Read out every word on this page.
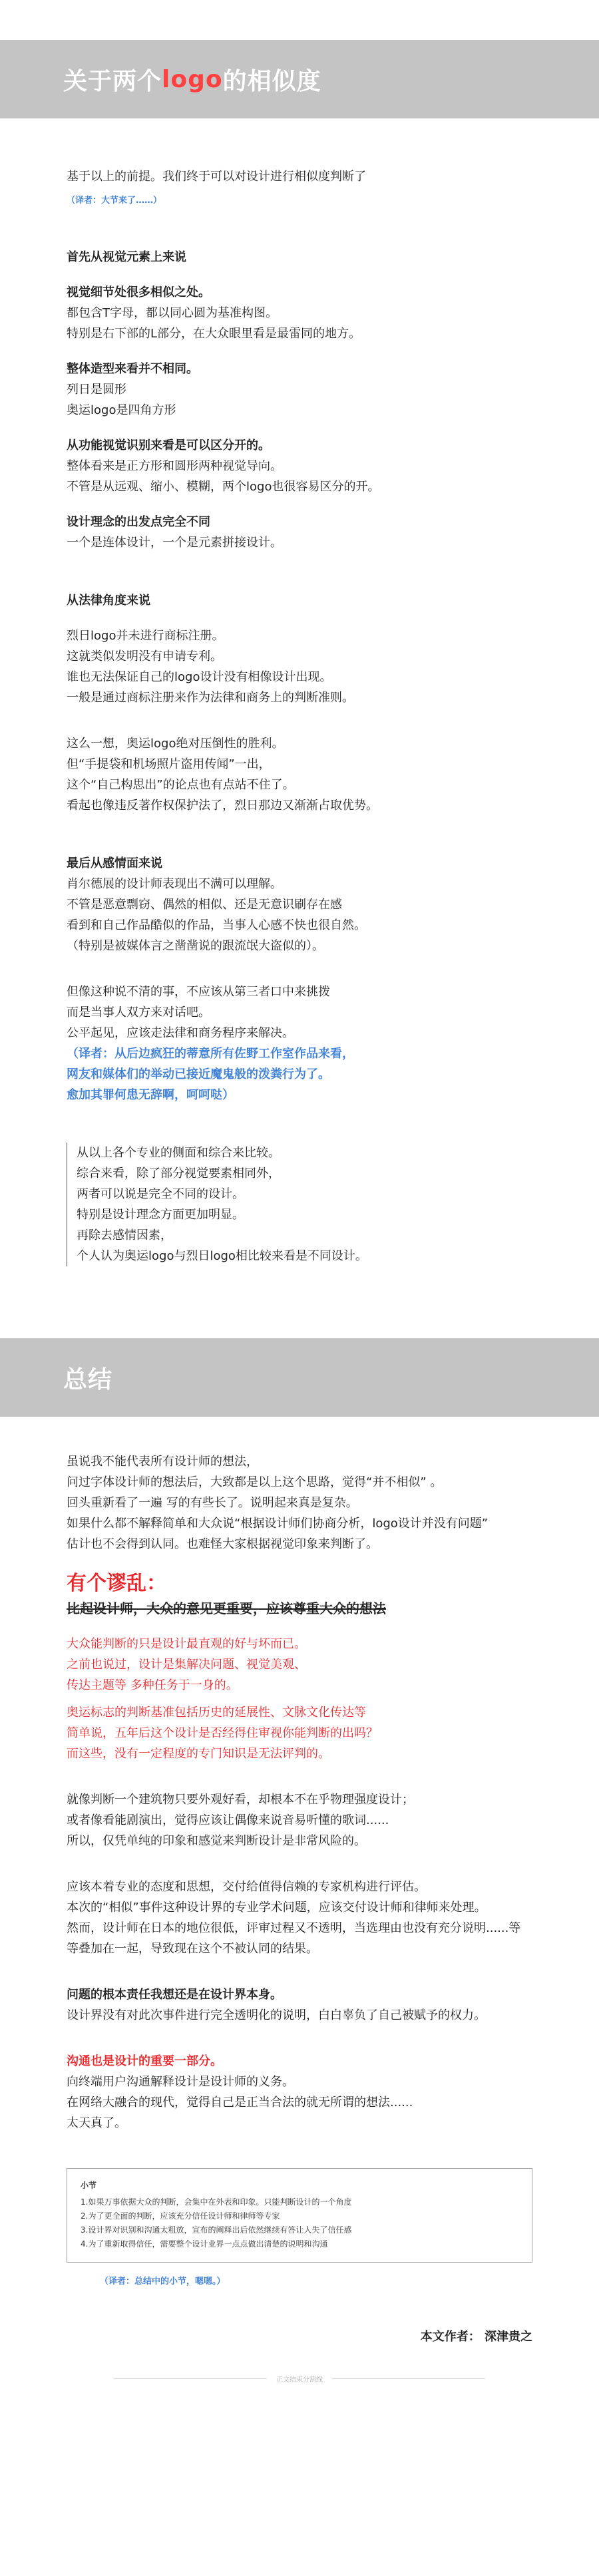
关于两个 logo 的相似度

基于以上的前提。我们终于可以对设计进行相似度判断了

（译者：大节来了……）

首先从视觉元素上来说

视觉细节处很多相似之处。

都包含T字母，都以同心圆为基准构图。

特别是右下部的L部分，在大众眼里看是最雷同的地方。

整体造型来看并不相同。

列日是圆形

奥运logo是四角方形

从功能视觉识别来看是可以区分开的。

整体看来是正方形和圆形两种视觉导向。

不管是从远观、缩小、模糊，两个logo也很容易区分的开。

设计理念的出发点完全不同

一个是连体设计，一个是元素拼接设计。

从法律角度来说

烈日logo并未进行商标注册。

这就类似发明没有申请专利。

谁也无法保证自己的logo设计没有相像设计出现。

一般是通过商标注册来作为法律和商务上的判断准则。

这么一想，奥运logo绝对压倒性的胜利。

但“手提袋和机场照片盗用传闻”一出，

这个“自己构思出”的论点也有点站不住了。

看起也像违反著作权保护法了，烈日那边又渐渐占取优势。

最后从感情面来说

肖尔德展的设计师表现出不满可以理解。

不管是恶意剽窃、偶然的相似、还是无意识刷存在感

看到和自己作品酷似的作品，当事人心感不快也很自然。

（特别是被媒体言之凿凿说的跟流氓大盗似的）。

但像这种说不清的事，不应该从第三者口中来挑拨

而是当事人双方来对话吧。

公平起见，应该走法律和商务程序来解决。

（译者：从后边疯狂的蒂意所有佐野工作室作品来看，

网友和媒体们的举动已接近魔鬼般的泼粪行为了。

愈加其罪何患无辞啊，呵呵哒）

从以上各个专业的侧面和综合来比较。

综合来看，除了部分视觉要素相同外，

两者可以说是完全不同的设计。

特别是设计理念方面更加明显。

再除去感情因素，

个人认为奥运logo与烈日logo相比较来看是不同设计。

总结

虽说我不能代表所有设计师的想法，

问过字体设计师的想法后，大致都是以上这个思路，觉得“并不相似” 。

回头重新看了一遍 写的有些长了。说明起来真是复杂。

如果什么都不解释简单和大众说“根据设计师们协商分析，logo设计并没有问题”

估计也不会得到认同。也难怪大家根据视觉印象来判断了。

有个谬乱：

比起设计师，大众的意见更重要，应该尊重大众的想法

大众能判断的只是设计最直观的好与坏而已。

之前也说过，设计是集解决问题、视觉美观、

传达主题等 多种任务于一身的。

奥运标志的判断基准包括历史的延展性、文脉文化传达等

简单说，五年后这个设计是否经得住审视你能判断的出吗？

而这些，没有一定程度的专门知识是无法评判的。

就像判断一个建筑物只要外观好看，却根本不在乎物理强度设计；

或者像看能剧演出，觉得应该让偶像来说音易听懂的歌词......

所以，仅凭单纯的印象和感觉来判断设计是非常风险的。

应该本着专业的态度和思想，交付给值得信赖的专家机构进行评估。

本次的“相似”事件这种设计界的专业学术问题，应该交付设计师和律师来处理。

然而，设计师在日本的地位很低，评审过程又不透明，当选理由也没有充分说明......等等叠加在一起，导致现在这个不被认同的结果。

问题的根本责任我想还是在设计界本身。

设计界没有对此次事件进行完全透明化的说明，白白辜负了自己被赋予的权力。

沟通也是设计的重要一部分。

向终端用户沟通解释设计是设计师的义务。

在网络大融合的现代，觉得自己是正当合法的就无所谓的想法......

太天真了。

小节

1.如果万事依据大众的判断，会集中在外表和印象。只能判断设计的一个角度

2.为了更全面的判断，应该充分信任设计师和律师等专家

3.设计界对识别和沟通太粗放，宣布的阐释出后依然继续有答让人失了信任感

4.为了重新取得信任，需要整个设计业界一点点做出清楚的说明和沟通

（译者：总结中的小节，嗯嗯。）

本文作者： 深津贵之

正文结束分割线
